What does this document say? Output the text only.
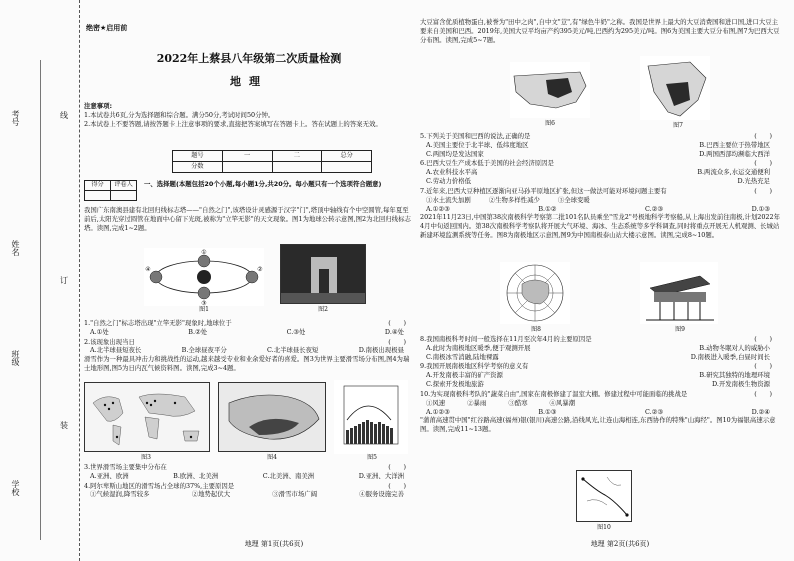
考号
姓名
班级
学校
线
订
装
绝密★启用前
2022年上蔡县八年级第二次质量检测
地理
注意事项:
1.本试卷共6页,分为选择题和综合题。满分50分,考试时间50分钟。
2.本试卷上不要答题,请按答题卡上注意事项的要求,直接把答案填写在答题卡上。答在试题上的答案无效。
题号	一	二	总分
分数			
得分	评卷人
	一、选择题(本题包括20个小题,每小题1分,共20分。每小题只有一个选项符合题意)
我国广东南澳县建有北回归线标志塔——"自然之门",该塔设计灵感源于汉字"门",塔顶中轴线有个中空圆管,每年夏至前后,太阳光穿过圆管在地面中心留下光斑,被称为"立竿无影"的天文现象。图1为地球公转示意图,图2为北回归线标志塔。读图,完成1~2题。
①
②
③
④
图1	图2
1."自然之门"标志塔出现"立竿无影"现象时,地球位于	(　　)
A.①处	B.②处	C.③处	D.④处
2.该现象出现当日	(　　)
A.北半球昼短夜长	B.全球昼夜平分	C.北半球昼长夜短	D.南极出现极昼
滑雪作为一种最具冲击力和挑战性的运动,越来越受专业和业余爱好者的喜爱。图3为世界主要滑雪场分布图,图4为瑞士地形图,图5为日内瓦气候资料图。读图,完成3~4题。
图3	图4	图5
3.世界滑雪场主要集中分布在	(　　)
A.亚洲、欧洲	B.欧洲、北美洲	C.北美洲、南美洲	D.亚洲、大洋洲
4.阿尔卑斯山地区的滑雪场占全球的37%,主要原因是	(　　)
①气候湿润,降雪较多	②地势起伏大	③滑雪市场广阔	④服务设施完善
地理 第1页(共6页)
大豆富含优质植物蛋白,被誉为"田中之肉",自中文"荳",有"绿色牛奶"之称。我国是世界上最大的大豆消费国和进口国,进口大豆主要来自美国和巴西。2019年,美国大豆平均亩产约395美元/吨,巴西约为295美元/吨。图6为美国主要大豆分布图,图7为巴西大豆分布图。读图,完成5~7题。
图6	图7
5.下列关于美国和巴西的说法,正确的是	(　　)
A.美国主要位于北半球、低纬度地区	B.巴西主要位于热带地区
C.两国均是发达国家	D.两国西部均濒临大西洋
6.巴西大豆生产成本低于美国的社会经济原因是	(　　)
A.农业科技水平高	B.两流众多,水运交通便利
C.劳动力价格低	D.光热充足
7.近年来,巴西大豆种植区逐渐向亚马孙平原地区扩张,但这一做法可能对环境问题主要有	(　　)
①水土流失加剧	②生物多样性减少	③全球变暖
A.①②③	B.①②	C.②③	D.①③
2021年11月23日,中国第38次南极科学考察第二批101名队员乘坐"雪龙2"号极地科学考察船,从上海出发前往南极,计划2022年4月中旬返回国内。第38次南极科学考察队将开展大气环境、海冰、生态系统等多学科调查,同时将重点开展无人机观测、长城站新建环境监测系统等任务。图8为南极地区示意图,图9为中国南极泰山站大楼示意图。读图,完成8~10题。
图8	图9
8.我国南极科考时间一般选择在11月至次年4月的主要原因是	(　　)
A.此时为南极地区暖季,便于观测开展	B.动物冬眠对人的威胁小
C.南极冰雪消融,陆地裸露	D.南极进入暖季,白昼时间长
9.我国开展南极地区科学考察的意义有	(　　)
A.开发南极丰富的矿产资源	B.研究其独特的地理环境
C.探索开发极地旅游	D.开发南极生物资源
10.为实现南极科考队的"蔬菜自由",国家在南极修建了温室大棚。修建过程中可能面临的挑战是	(　　)
①风速	②暴雨	③酷寒	④风暴潮
A.①②③	B.①③	C.②③	D.②④
"蒲莆高速贯中国"红谷路高速(福州)银(银川)高速公路,沿线风光,让连山海相连,东西协作的特殊"山海经"。图10为福银高速示意图。读图,完成11~13题。
图10
地理 第2页(共6页)
